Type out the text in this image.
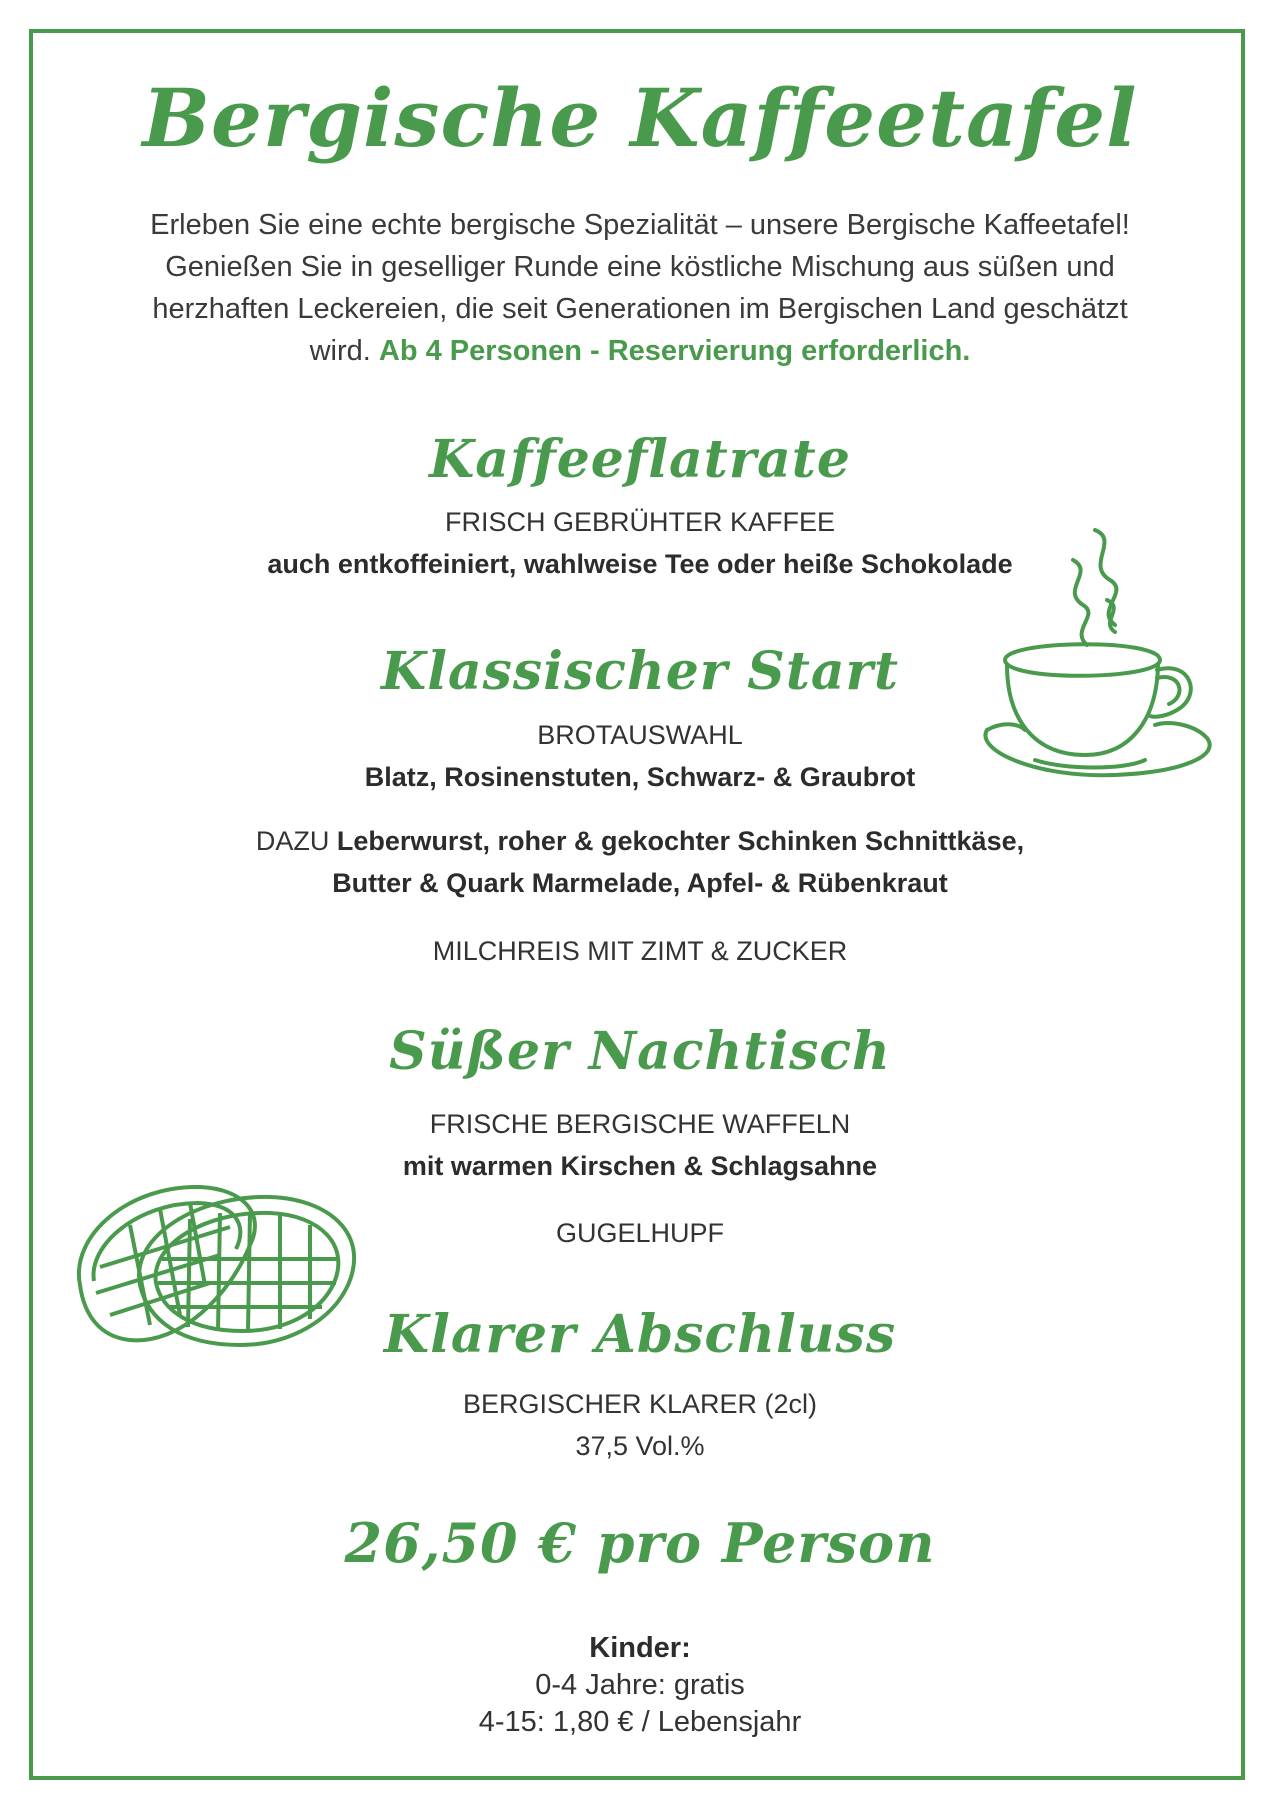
Bergische Kaffeetafel
Erleben Sie eine echte bergische Spezialität – unsere Bergische Kaffeetafel! Genießen Sie in geselliger Runde eine köstliche Mischung aus süßen und herzhaften Leckereien, die seit Generationen im Bergischen Land geschätzt wird. Ab 4 Personen - Reservierung erforderlich.
Kaffeeflatrate
FRISCH GEBRÜHTER KAFFEE
auch entkoffeiniert, wahlweise Tee oder heiße Schokolade
Klassischer Start
BROTAUSWAHL
Blatz, Rosinenstuten, Schwarz- & Graubrot
DAZU Leberwurst, roher & gekochter Schinken Schnittkäse,
Butter & Quark Marmelade, Apfel- & Rübenkraut
MILCHREIS MIT ZIMT & ZUCKER
Süßer Nachtisch
FRISCHE BERGISCHE WAFFELN
mit warmen Kirschen & Schlagsahne
GUGELHUPF
Klarer Abschluss
BERGISCHER KLARER (2cl)
37,5 Vol.%
26,50 € pro Person
Kinder:
0-4 Jahre: gratis
4-15: 1,80 € / Lebensjahr
